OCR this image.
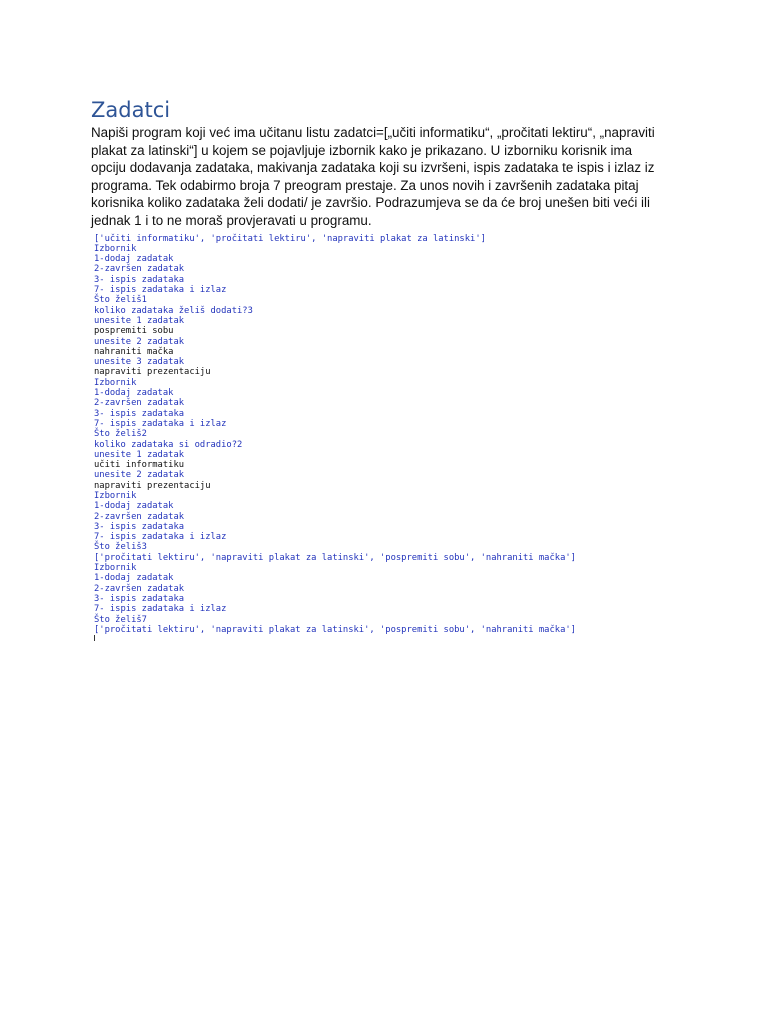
Zadatci

Napiši program koji već ima učitanu listu zadatci=[„učiti informatiku“, „pročitati lektiru“, „napraviti plakat za latinski“] u kojem se pojavljuje izbornik kako je prikazano. U izborniku korisnik ima opciju dodavanja zadataka, makivanja zadataka koji su izvršeni, ispis zadataka te ispis i izlaz iz programa. Tek odabirmo broja 7 preogram prestaje. Za unos novih i završenih zadataka pitaj korisnika koliko zadataka želi dodati/ je završio. Podrazumjeva se da će broj unešen biti veći ili jednak 1 i to ne moraš provjeravati u programu.

['učiti informatiku', 'pročitati lektiru', 'napraviti plakat za latinski']
Izbornik
1-dodaj zadatak
2-završen zadatak
3- ispis zadataka
7- ispis zadataka i izlaz
Što želiš1
koliko zadataka želiš dodati?3
unesite 1 zadatak
pospremiti sobu
unesite 2 zadatak
nahraniti mačka
unesite 3 zadatak
napraviti prezentaciju
Izbornik
1-dodaj zadatak
2-završen zadatak
3- ispis zadataka
7- ispis zadataka i izlaz
Što želiš2
koliko zadataka si odradio?2
unesite 1 zadatak
učiti informatiku
unesite 2 zadatak
napraviti prezentaciju
Izbornik
1-dodaj zadatak
2-završen zadatak
3- ispis zadataka
7- ispis zadataka i izlaz
Što želiš3
['pročitati lektiru', 'napraviti plakat za latinski', 'pospremiti sobu', 'nahraniti mačka']
Izbornik
1-dodaj zadatak
2-završen zadatak
3- ispis zadataka
7- ispis zadataka i izlaz
Što želiš7
['pročitati lektiru', 'napraviti plakat za latinski', 'pospremiti sobu', 'nahraniti mačka']
